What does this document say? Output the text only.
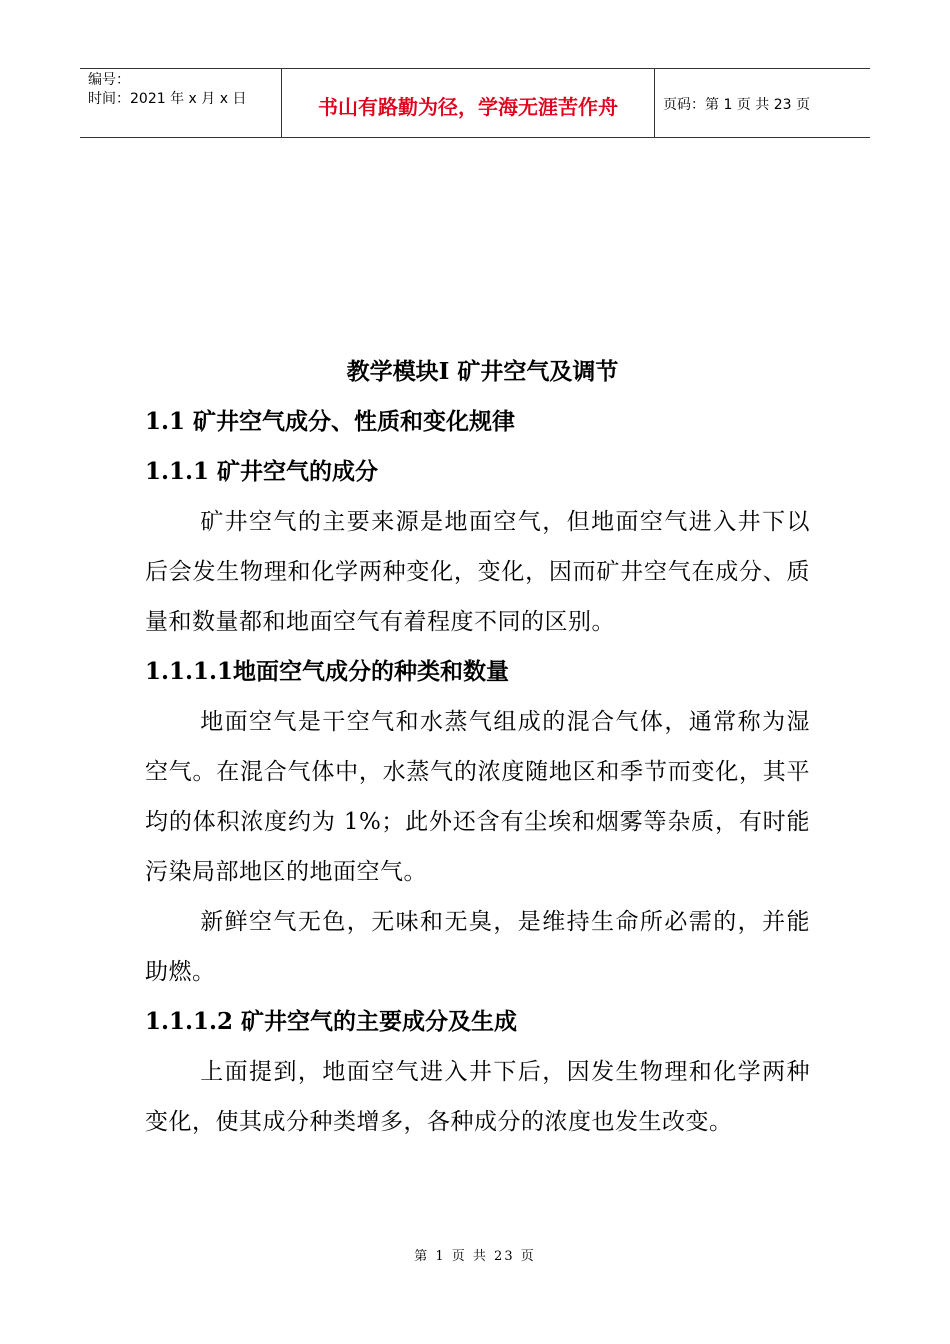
编号：
时间：2021 年 x 月 x 日	书山有路勤为径，学海无涯苦作舟	页码：第 1 页 共 23 页
教学模块Ⅰ 矿井空气及调节
1.1 矿井空气成分、性质和变化规律
1.1.1 矿井空气的成分

矿井空气的主要来源是地面空气，但地面空气进入井下以后会发生物理和化学两种变化，变化，因而矿井空气在成分、质量和数量都和地面空气有着程度不同的区别。

1.1.1.1地面空气成分的种类和数量

地面空气是干空气和水蒸气组成的混合气体，通常称为湿空气。在混合气体中，水蒸气的浓度随地区和季节而变化，其平均的体积浓度约为 1%；此外还含有尘埃和烟雾等杂质，有时能污染局部地区的地面空气。

新鲜空气无色，无味和无臭，是维持生命所必需的，并能助燃。

1.1.1.2 矿井空气的主要成分及生成

上面提到，地面空气进入井下后，因发生物理和化学两种变化，使其成分种类增多，各种成分的浓度也发生改变。

第 1 页 共 23 页
